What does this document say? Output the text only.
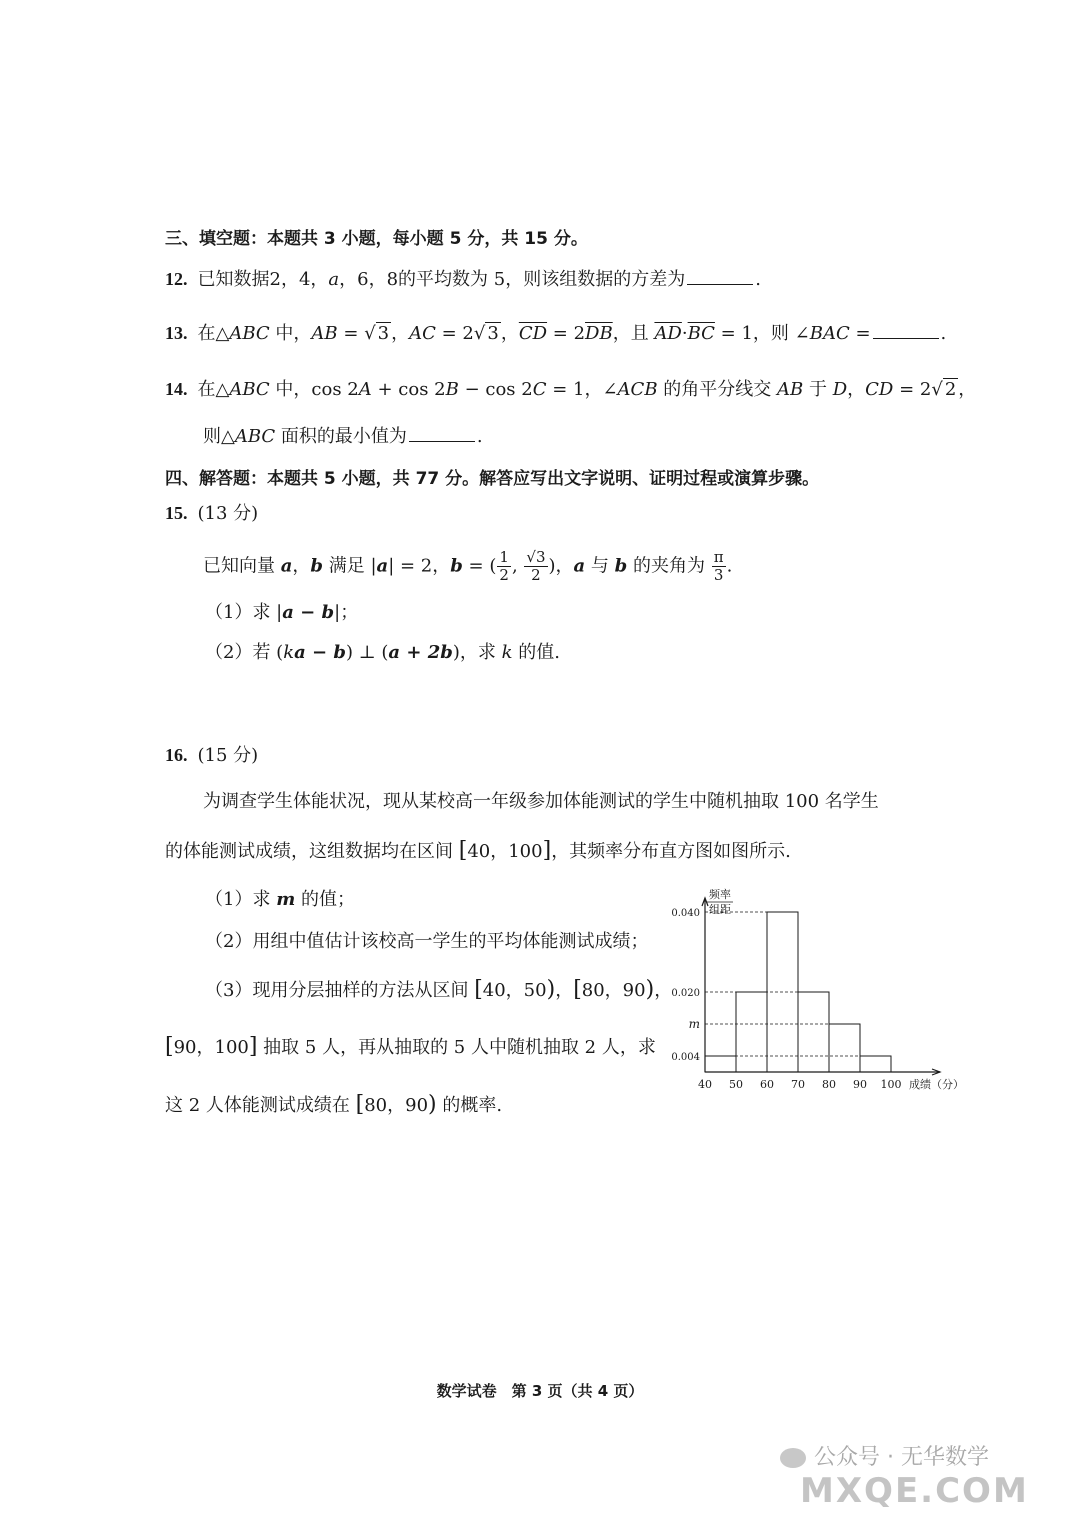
三、填空题：本题共 3 小题，每小题 5 分，共 15 分。
12. 已知数据2，4，a，6，8的平均数为 5，则该组数据的方差为	.
13. 在△ABC 中，AB = √ 3 ，AC = 2√ 3 ，$\overline{CD} = 2\overline{DB}$，且 $\overline{AD}\cdot\overline{BC} = 1$，则 ∠BAC =	.
14. 在△ABC 中，cos 2A + cos 2B − cos 2C = 1，∠ACB 的角平分线交 AB 于 D，CD = 2√ 2 ，
则△ABC 面积的最小值为	.
四、解答题：本题共 5 小题，共 77 分。解答应写出文字说明、证明过程或演算步骤。
15. (13 分)
已知向量 a，b 满足 |a| = 2，b = ( $\frac{1}{2}$ , $\frac{√3}{2}$ )，a 与 b 的夹角为 $\frac{\pi}{3}$ .
（1）求 |a − b|；
（2）若 (ka − b) ⊥ (a + 2b)，求 k 的值.
16. (15 分)
为调查学生体能状况，现从某校高一年级参加体能测试的学生中随机抽取 100 名学生
的体能测试成绩，这组数据均在区间 [40，100]，其频率分布直方图如图所示.
（1）求 m 的值；
（2）用组中值估计该校高一学生的平均体能测试成绩；
（3）现用分层抽样的方法从区间 [40，50)，[80，90)，
[90，100] 抽取 5 人，再从抽取的 5 人中随机抽取 2 人，求
这 2 人体能测试成绩在 [80，90) 的概率.
频率
组距
0.040
0.020
m
0.004
40 50 60 70 80 90 100 成绩（分）
数学试卷　第 3 页（共 4 页）
公众号 · 无华数学MXQE.COM
